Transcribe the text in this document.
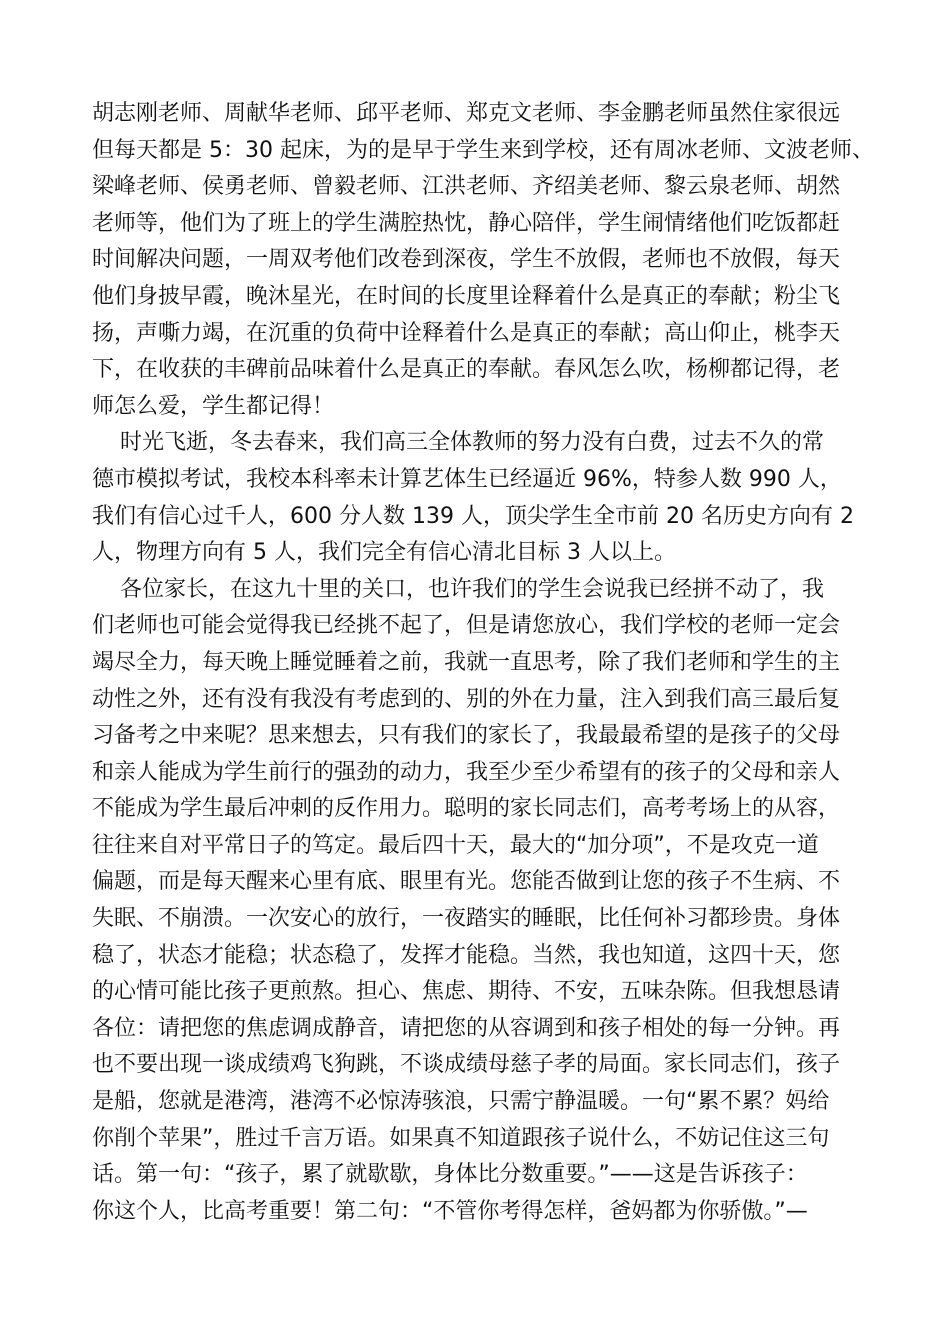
胡志刚老师、周献华老师、邱平老师、郑克文老师、李金鹏老师虽然住家很远
但每天都是 5：30 起床，为的是早于学生来到学校，还有周冰老师、文波老师、
梁峰老师、侯勇老师、曾毅老师、江洪老师、齐绍美老师、黎云泉老师、胡然
老师等，他们为了班上的学生满腔热忱，静心陪伴，学生闹情绪他们吃饭都赶
时间解决问题，一周双考他们改卷到深夜，学生不放假，老师也不放假，每天
他们身披早霞，晚沐星光，在时间的长度里诠释着什么是真正的奉献；粉尘飞
扬，声嘶力竭，在沉重的负荷中诠释着什么是真正的奉献；高山仰止，桃李天
下，在收获的丰碑前品味着什么是真正的奉献。春风怎么吹，杨柳都记得，老
师怎么爱，学生都记得！
时光飞逝，冬去春来，我们高三全体教师的努力没有白费，过去不久的常
德市模拟考试，我校本科率未计算艺体生已经逼近 96%，特参人数 990 人，
我们有信心过千人，600 分人数 139 人，顶尖学生全市前 20 名历史方向有 2
人，物理方向有 5 人，我们完全有信心清北目标 3 人以上。
各位家长，在这九十里的关口，也许我们的学生会说我已经拼不动了，我
们老师也可能会觉得我已经挑不起了，但是请您放心，我们学校的老师一定会
竭尽全力，每天晚上睡觉睡着之前，我就一直思考，除了我们老师和学生的主
动性之外，还有没有我没有考虑到的、别的外在力量，注入到我们高三最后复
习备考之中来呢？思来想去，只有我们的家长了，我最最希望的是孩子的父母
和亲人能成为学生前行的强劲的动力，我至少至少希望有的孩子的父母和亲人
不能成为学生最后冲刺的反作用力。聪明的家长同志们，高考考场上的从容，
往往来自对平常日子的笃定。最后四十天，最大的“加分项”，不是攻克一道
偏题，而是每天醒来心里有底、眼里有光。您能否做到让您的孩子不生病、不
失眠、不崩溃。一次安心的放行，一夜踏实的睡眠，比任何补习都珍贵。身体
稳了，状态才能稳；状态稳了，发挥才能稳。当然，我也知道，这四十天，您
的心情可能比孩子更煎熬。担心、焦虑、期待、不安，五味杂陈。但我想恳请
各位：请把您的焦虑调成静音，请把您的从容调到和孩子相处的每一分钟。再
也不要出现一谈成绩鸡飞狗跳，不谈成绩母慈子孝的局面。家长同志们，孩子
是船，您就是港湾，港湾不必惊涛骇浪，只需宁静温暖。一句“累不累？妈给
你削个苹果”，胜过千言万语。如果真不知道跟孩子说什么，不妨记住这三句
话。第一句：“孩子，累了就歇歇，身体比分数重要。”——这是告诉孩子：
你这个人，比高考重要！第二句：“不管你考得怎样，爸妈都为你骄傲。”—
